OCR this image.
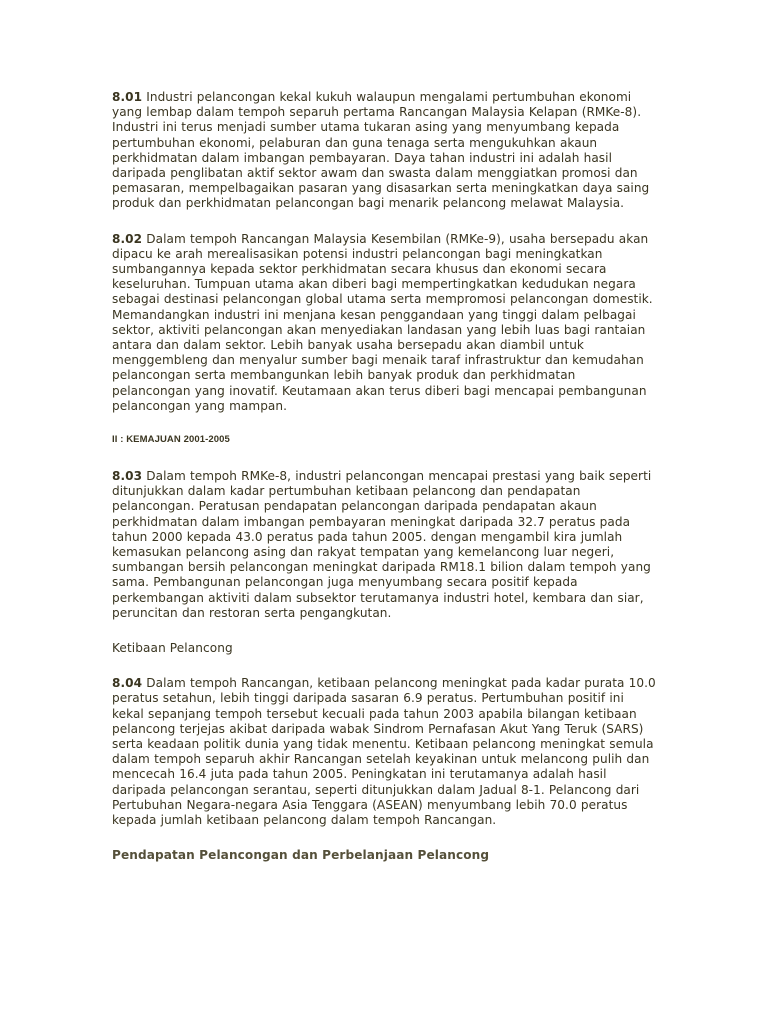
8.01 Industri pelancongan kekal kukuh walaupun mengalami pertumbuhan ekonomi yang lembap dalam tempoh separuh pertama Rancangan Malaysia Kelapan (RMKe-8). Industri ini terus menjadi sumber utama tukaran asing yang menyumbang kepada pertumbuhan ekonomi, pelaburan dan guna tenaga serta mengukuhkan akaun perkhidmatan dalam imbangan pembayaran. Daya tahan industri ini adalah hasil daripada penglibatan aktif sektor awam dan swasta dalam menggiatkan promosi dan pemasaran, mempelbagaikan pasaran yang disasarkan serta meningkatkan daya saing produk dan perkhidmatan pelancongan bagi menarik pelancong melawat Malaysia.

8.02 Dalam tempoh Rancangan Malaysia Kesembilan (RMKe-9), usaha bersepadu akan dipacu ke arah merealisasikan potensi industri pelancongan bagi meningkatkan sumbangannya kepada sektor perkhidmatan secara khusus dan ekonomi secara keseluruhan. Tumpuan utama akan diberi bagi mempertingkatkan kedudukan negara sebagai destinasi pelancongan global utama serta mempromosi pelancongan domestik. Memandangkan industri ini menjana kesan penggandaan yang tinggi dalam pelbagai sektor, aktiviti pelancongan akan menyediakan landasan yang lebih luas bagi rantaian antara dan dalam sektor. Lebih banyak usaha bersepadu akan diambil untuk menggembleng dan menyalur sumber bagi menaik taraf infrastruktur dan kemudahan pelancongan serta membangunkan lebih banyak produk dan perkhidmatan pelancongan yang inovatif. Keutamaan akan terus diberi bagi mencapai pembangunan pelancongan yang mampan.

II : KEMAJUAN 2001-2005

8.03 Dalam tempoh RMKe-8, industri pelancongan mencapai prestasi yang baik seperti ditunjukkan dalam kadar pertumbuhan ketibaan pelancong dan pendapatan pelancongan. Peratusan pendapatan pelancongan daripada pendapatan akaun perkhidmatan dalam imbangan pembayaran meningkat daripada 32.7 peratus pada tahun 2000 kepada 43.0 peratus pada tahun 2005. dengan mengambil kira jumlah kemasukan pelancong asing dan rakyat tempatan yang kemelancong luar negeri, sumbangan bersih pelancongan meningkat daripada RM18.1 bilion dalam tempoh yang sama. Pembangunan pelancongan juga menyumbang secara positif kepada perkembangan aktiviti dalam subsektor terutamanya industri hotel, kembara dan siar, peruncitan dan restoran serta pengangkutan.

Ketibaan Pelancong

8.04 Dalam tempoh Rancangan, ketibaan pelancong meningkat pada kadar purata 10.0 peratus setahun, lebih tinggi daripada sasaran 6.9 peratus. Pertumbuhan positif ini kekal sepanjang tempoh tersebut kecuali pada tahun 2003 apabila bilangan ketibaan pelancong terjejas akibat daripada wabak Sindrom Pernafasan Akut Yang Teruk (SARS) serta keadaan politik dunia yang tidak menentu. Ketibaan pelancong meningkat semula dalam tempoh separuh akhir Rancangan setelah keyakinan untuk melancong pulih dan mencecah 16.4 juta pada tahun 2005. Peningkatan ini terutamanya adalah hasil daripada pelancongan serantau, seperti ditunjukkan dalam Jadual 8-1. Pelancong dari Pertubuhan Negara-negara Asia Tenggara (ASEAN) menyumbang lebih 70.0 peratus kepada jumlah ketibaan pelancong dalam tempoh Rancangan.

Pendapatan Pelancongan dan Perbelanjaan Pelancong
